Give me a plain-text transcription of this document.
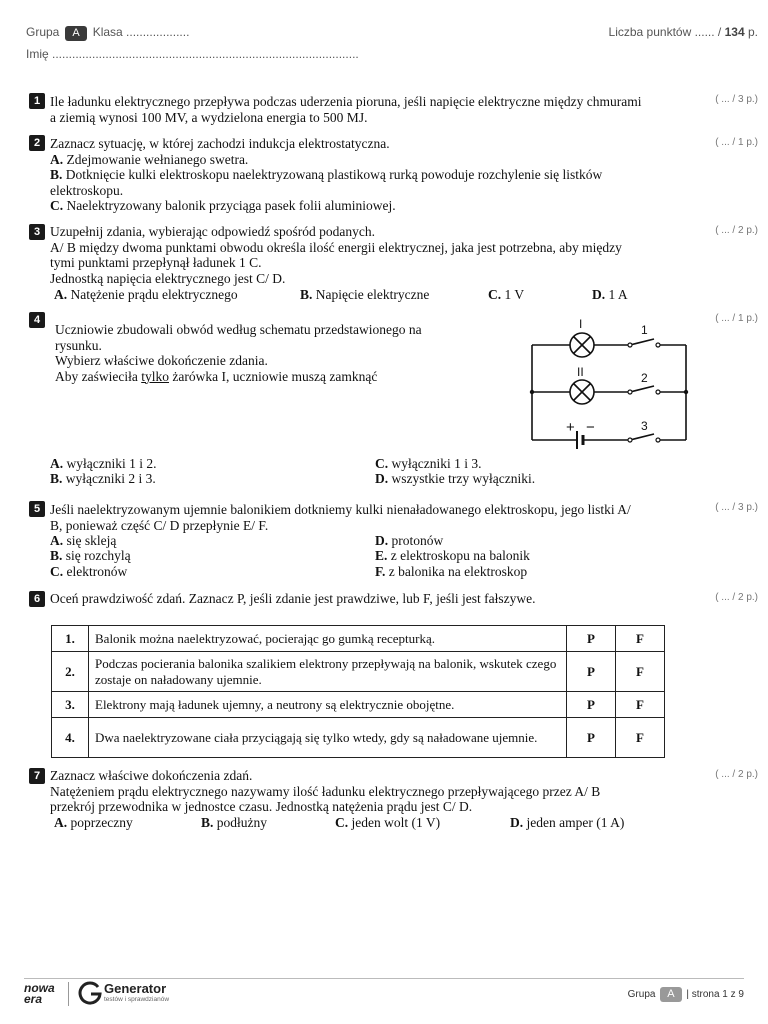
Grupa A Klasa ...................	Liczba punktów ...... / 134 p.
Imię ............................................................................................
1	( ... / 3 p.)
Ile ładunku elektrycznego przepływa podczas uderzenia pioruna, jeśli napięcie elektryczne między chmurami
a ziemią wynosi 100 MV, a wydzielona energia to 500 MJ.
2	( ... / 1 p.)
Zaznacz sytuację, w której zachodzi indukcja elektrostatyczna.
A. Zdejmowanie wełnianego swetra.
B. Dotknięcie kulki elektroskopu naelektryzowaną plastikową rurką powoduje rozchylenie się listków
elektroskopu.
C. Naelektryzowany balonik przyciąga pasek folii aluminiowej.
3	( ... / 2 p.)
Uzupełnij zdania, wybierając odpowiedź spośród podanych.
A/ B między dwoma punktami obwodu określa ilość energii elektrycznej, jaka jest potrzebna, aby między
tymi punktami przepłynął ładunek 1 C.
Jednostką napięcia elektrycznego jest C/ D.
A. Natężenie prądu elektrycznego	B. Napięcie elektryczne	C. 1 V	D. 1 A
4	( ... / 1 p.)
Uczniowie zbudowali obwód według schematu przedstawionego na
rysunku.
Wybierz właściwe dokończenie zdania.
Aby zaświeciła tylko żarówka I, uczniowie muszą zamknąć
I
II
1
2
3
+ −
A. wyłączniki 1 i 2.
B. wyłączniki 2 i 3.
C. wyłączniki 1 i 3.
D. wszystkie trzy wyłączniki.
5	( ... / 3 p.)
Jeśli naelektryzowanym ujemnie balonikiem dotkniemy kulki nienaładowanego elektroskopu, jego listki A/
B, ponieważ część C/ D przepłynie E/ F.
A. się skleją
B. się rozchylą
C. elektronów
D. protonów
E. z elektroskopu na balonik
F. z balonika na elektroskop
6	( ... / 2 p.)
Oceń prawdziwość zdań. Zaznacz P, jeśli zdanie jest prawdziwe, lub F, jeśli jest fałszywe.
1.	Balonik można naelektryzować, pocierając go gumką recepturką.	P	F
2.	Podczas pocierania balonika szalikiem elektrony przepływają na balonik, wskutek czego zostaje on naładowany ujemnie.	P	F
3.	Elektrony mają ładunek ujemny, a neutrony są elektrycznie obojętne.	P	F
4.	Dwa naelektryzowane ciała przyciągają się tylko wtedy, gdy są naładowane ujemnie.	P	F
7	( ... / 2 p.)
Zaznacz właściwe dokończenia zdań.
Natężeniem prądu elektrycznego nazywamy ilość ładunku elektrycznego przepływającego przez A/ B
przekrój przewodnika w jednostce czasu. Jednostką natężenia prądu jest C/ D.
A. poprzeczny	B. podłużny	C. jeden wolt (1 V)	D. jeden amper (1 A)
nowa
era
Generator
testów i sprawdzianów	Grupa A | strona 1 z 9
